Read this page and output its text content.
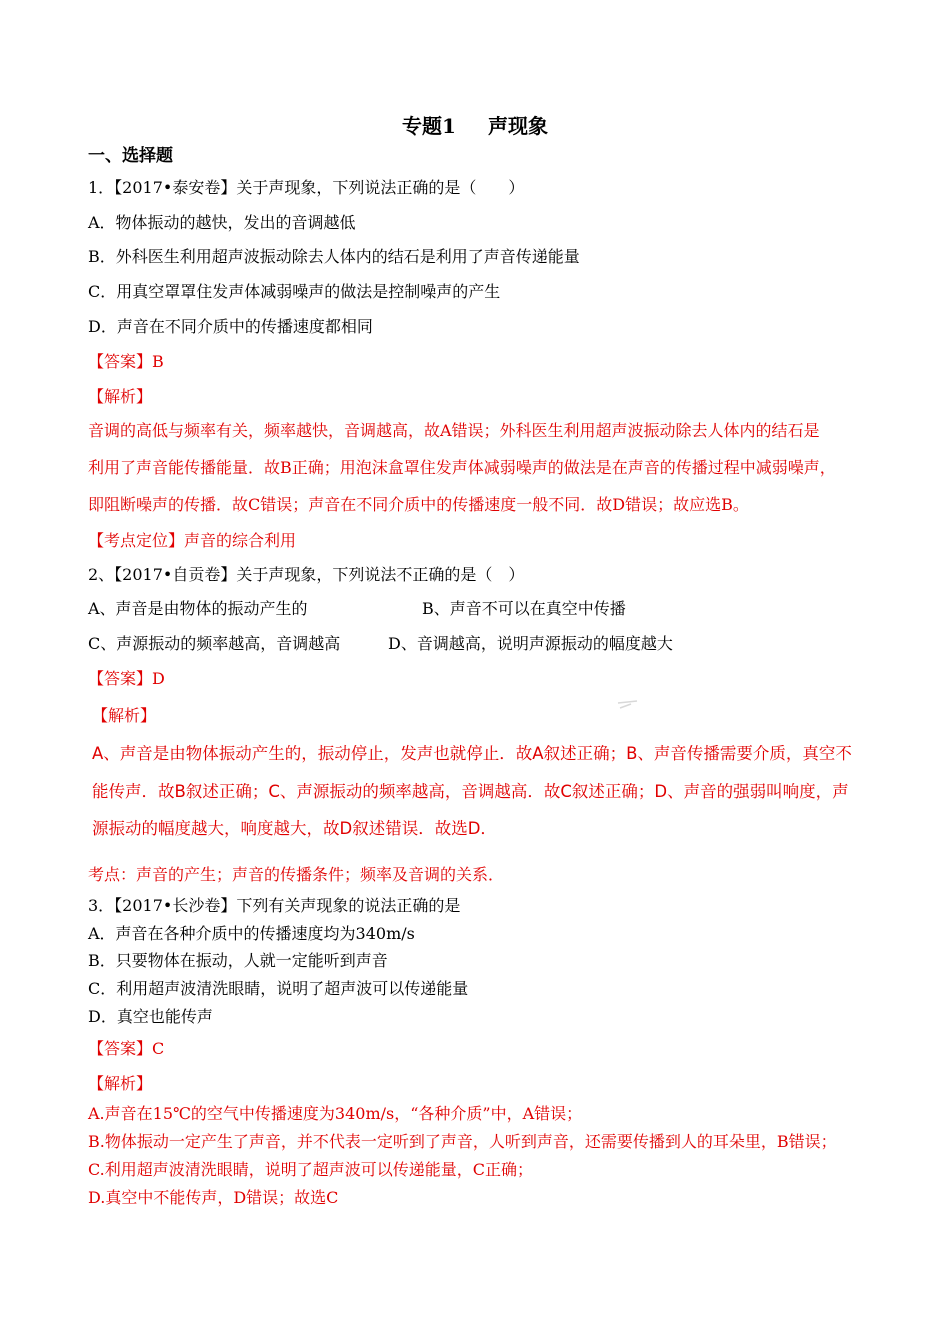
专题1 声现象
一、选择题
1．【2017•泰安卷】关于声现象，下列说法正确的是（　　）
A．物体振动的越快，发出的音调越低
B．外科医生利用超声波振动除去人体内的结石是利用了声音传递能量
C．用真空罩罩住发声体减弱噪声的做法是控制噪声的产生
D．声音在不同介质中的传播速度都相同
【答案】B
【解析】
音调的高低与频率有关，频率越快，音调越高，故A错误；外科医生利用超声波振动除去人体内的结石是
利用了声音能传播能量．故B正确；用泡沫盒罩住发声体减弱噪声的做法是在声音的传播过程中减弱噪声，
即阻断噪声的传播．故C错误；声音在不同介质中的传播速度一般不同．故D错误；故应选B。
【考点定位】声音的综合利用
2、【2017•自贡卷】关于声现象，下列说法不正确的是（　）
A、声音是由物体的振动产生的	B、声音不可以在真空中传播
C、声源振动的频率越高，音调越高	D、音调越高，说明声源振动的幅度越大
【答案】D
【解析】
A、声音是由物体振动产生的，振动停止，发声也就停止．故A叙述正确；B、声音传播需要介质，真空不
能传声．故B叙述正确；C、声源振动的频率越高，音调越高．故C叙述正确；D、声音的强弱叫响度，声
源振动的幅度越大，响度越大，故D叙述错误．故选D．
考点：声音的产生；声音的传播条件；频率及音调的关系．
3．【2017•长沙卷】下列有关声现象的说法正确的是
A．声音在各种介质中的传播速度均为340m/s
B．只要物体在振动，人就一定能听到声音
C．利用超声波清洗眼睛，说明了超声波可以传递能量
D．真空也能传声
【答案】C
【解析】
A.声音在15℃的空气中传播速度为340m/s，“各种介质”中，A错误；
B.物体振动一定产生了声音，并不代表一定听到了声音，人听到声音，还需要传播到人的耳朵里，B错误；
C.利用超声波清洗眼睛，说明了超声波可以传递能量，C正确；
D.真空中不能传声，D错误；故选C
